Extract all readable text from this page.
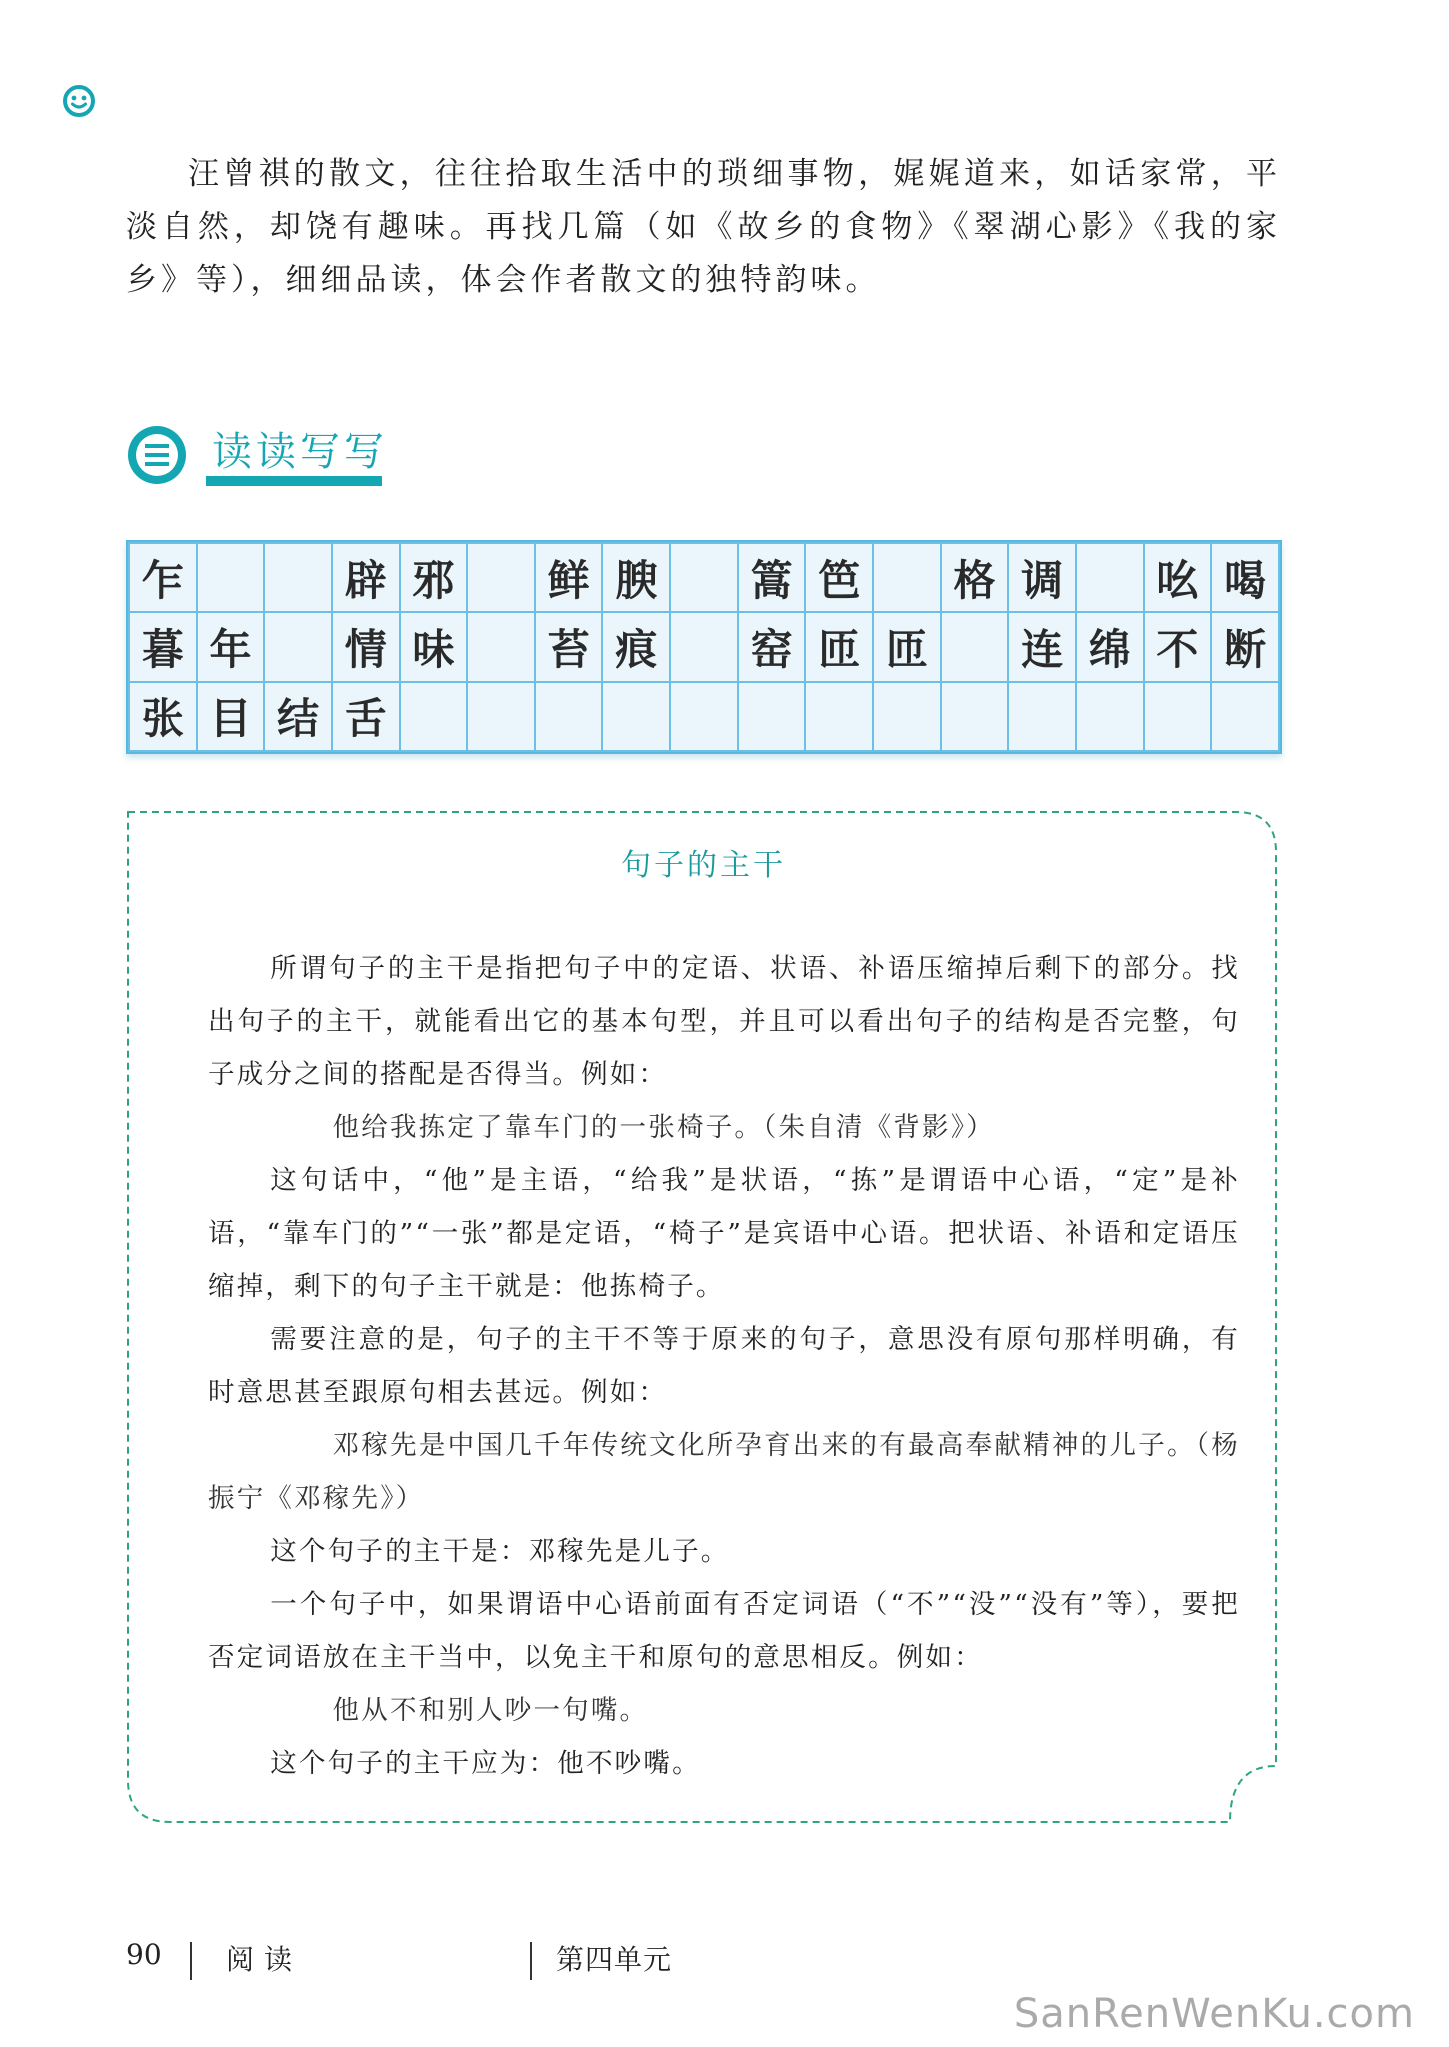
汪曾祺的散文，往往拾取生活中的琐细事物，娓娓道来，如话家常，平淡自然，却饶有趣味。再找几篇（如《故乡的食物》《翠湖心影》《我的家乡》等），细细品读，体会作者散文的独特韵味。

读读写写
乍			辟	邪		鲜	腴		篙	笆		格	调		吆	喝
暮	年		情	味		苔	痕		窑	匝	匝		连	绵	不	断
张	目	结	舌													
句子的主干

所谓句子的主干是指把句子中的定语、状语、补语压缩掉后剩下的部分。找出句子的主干，就能看出它的基本句型，并且可以看出句子的结构是否完整，句子成分之间的搭配是否得当。例如：

他给我拣定了靠车门的一张椅子。（朱自清《背影》）

这句话中，“他”是主语，“给我”是状语，“拣”是谓语中心语，“定”是补语，“靠车门的”“一张”都是定语，“椅子”是宾语中心语。把状语、补语和定语压缩掉，剩下的句子主干就是：他拣椅子。

需要注意的是，句子的主干不等于原来的句子，意思没有原句那样明确，有时意思甚至跟原句相去甚远。例如：

邓稼先是中国几千年传统文化所孕育出来的有最高奉献精神的儿子。（杨振宁《邓稼先》）

这个句子的主干是：邓稼先是儿子。

一个句子中，如果谓语中心语前面有否定词语（“不”“没”“没有”等），要把否定词语放在主干当中，以免主干和原句的意思相反。例如：

他从不和别人吵一句嘴。

这个句子的主干应为：他不吵嘴。

90 阅读	第四单元
SanRenWenKu.com
